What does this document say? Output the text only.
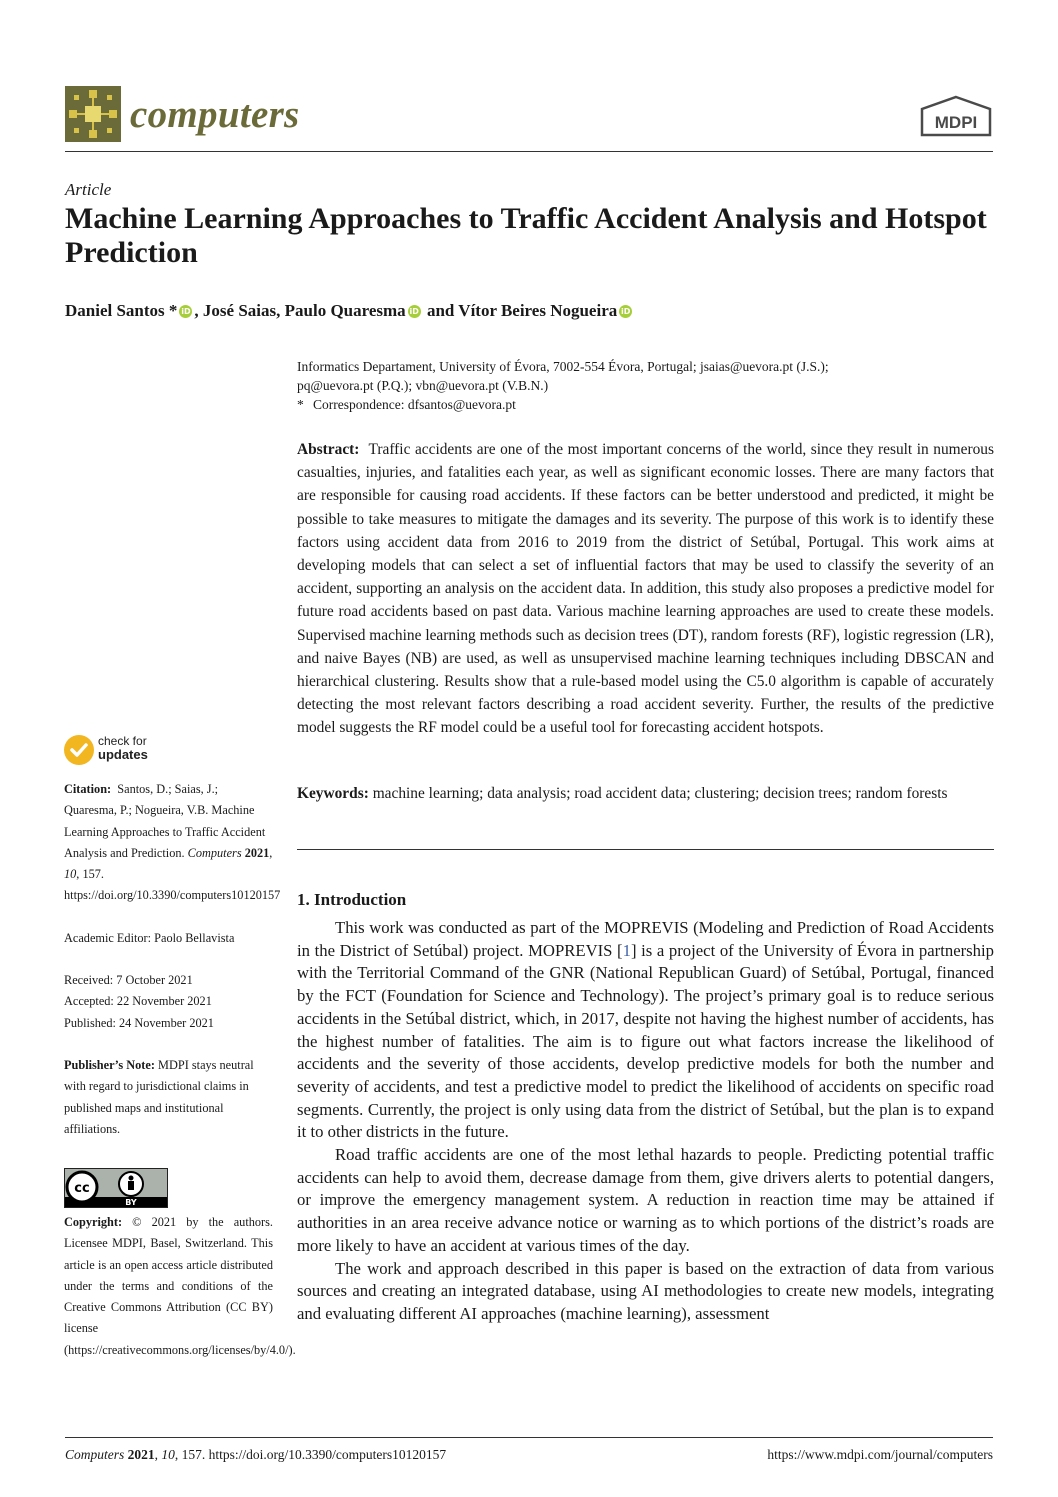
computers	MDPI
Article
Machine Learning Approaches to Traffic Accident Analysis and Hotspot Prediction
Daniel Santos * iD , José Saias, Paulo Quaresma iD and Vítor Beires Nogueira iD
Informatics Departament, University of Évora, 7002-554 Évora, Portugal; jsaias@uevora.pt (J.S.);
pq@uevora.pt (P.Q.); vbn@uevora.pt (V.B.N.)
* Correspondence: dfsantos@uevora.pt
Abstract: Traffic accidents are one of the most important concerns of the world, since they result in numerous casualties, injuries, and fatalities each year, as well as significant economic losses. There are many factors that are responsible for causing road accidents. If these factors can be better understood and predicted, it might be possible to take measures to mitigate the damages and its severity. The purpose of this work is to identify these factors using accident data from 2016 to 2019 from the district of Setúbal, Portugal. This work aims at developing models that can select a set of influential factors that may be used to classify the severity of an accident, supporting an analysis on the accident data. In addition, this study also proposes a predictive model for future road accidents based on past data. Various machine learning approaches are used to create these models. Supervised machine learning methods such as decision trees (DT), random forests (RF), logistic regression (LR), and naive Bayes (NB) are used, as well as unsupervised machine learning techniques including DBSCAN and hierarchical clustering. Results show that a rule-based model using the C5.0 algorithm is capable of accurately detecting the most relevant factors describing a road accident severity. Further, the results of the predictive model suggests the RF model could be a useful tool for forecasting accident hotspots.
Keywords: machine learning; data analysis; road accident data; clustering; decision trees; random forests
1. Introduction

This work was conducted as part of the MOPREVIS (Modeling and Prediction of Road Accidents in the District of Setúbal) project. MOPREVIS [1] is a project of the University of Évora in partnership with the Territorial Command of the GNR (National Republican Guard) of Setúbal, Portugal, financed by the FCT (Foundation for Science and Technology). The project’s primary goal is to reduce serious accidents in the Setúbal district, which, in 2017, despite not having the highest number of accidents, has the highest number of fatalities. The aim is to figure out what factors increase the likelihood of accidents and the severity of those accidents, develop predictive models for both the number and severity of accidents, and test a predictive model to predict the likelihood of accidents on specific road segments. Currently, the project is only using data from the district of Setúbal, but the plan is to expand it to other districts in the future.

Road traffic accidents are one of the most lethal hazards to people. Predicting potential traffic accidents can help to avoid them, decrease damage from them, give drivers alerts to potential dangers, or improve the emergency management system. A reduction in reaction time may be attained if authorities in an area receive advance notice or warning as to which portions of the district’s roads are more likely to have an accident at various times of the day.

The work and approach described in this paper is based on the extraction of data from various sources and creating an integrated database, using AI methodologies to create new models, integrating and evaluating different AI approaches (machine learning), assessment

check for
updates

Citation: Santos, D.; Saias, J.; Quaresma, P.; Nogueira, V.B. Machine Learning Approaches to Traffic Accident Analysis and Prediction. Computers 2021, 10, 157. https://doi.org/10.3390/computers10120157

Academic Editor: Paolo Bellavista

Received: 7 October 2021

Accepted: 22 November 2021

Published: 24 November 2021

Publisher’s Note: MDPI stays neutral with regard to jurisdictional claims in published maps and institutional affiliations.

cc
BY

Copyright: © 2021 by the authors. Licensee MDPI, Basel, Switzerland. This article is an open access article distributed under the terms and conditions of the Creative Commons Attribution (CC BY) license (https://creativecommons.org/licenses/by/4.0/).

Computers 2021, 10, 157. https://doi.org/10.3390/computers10120157	https://www.mdpi.com/journal/computers
